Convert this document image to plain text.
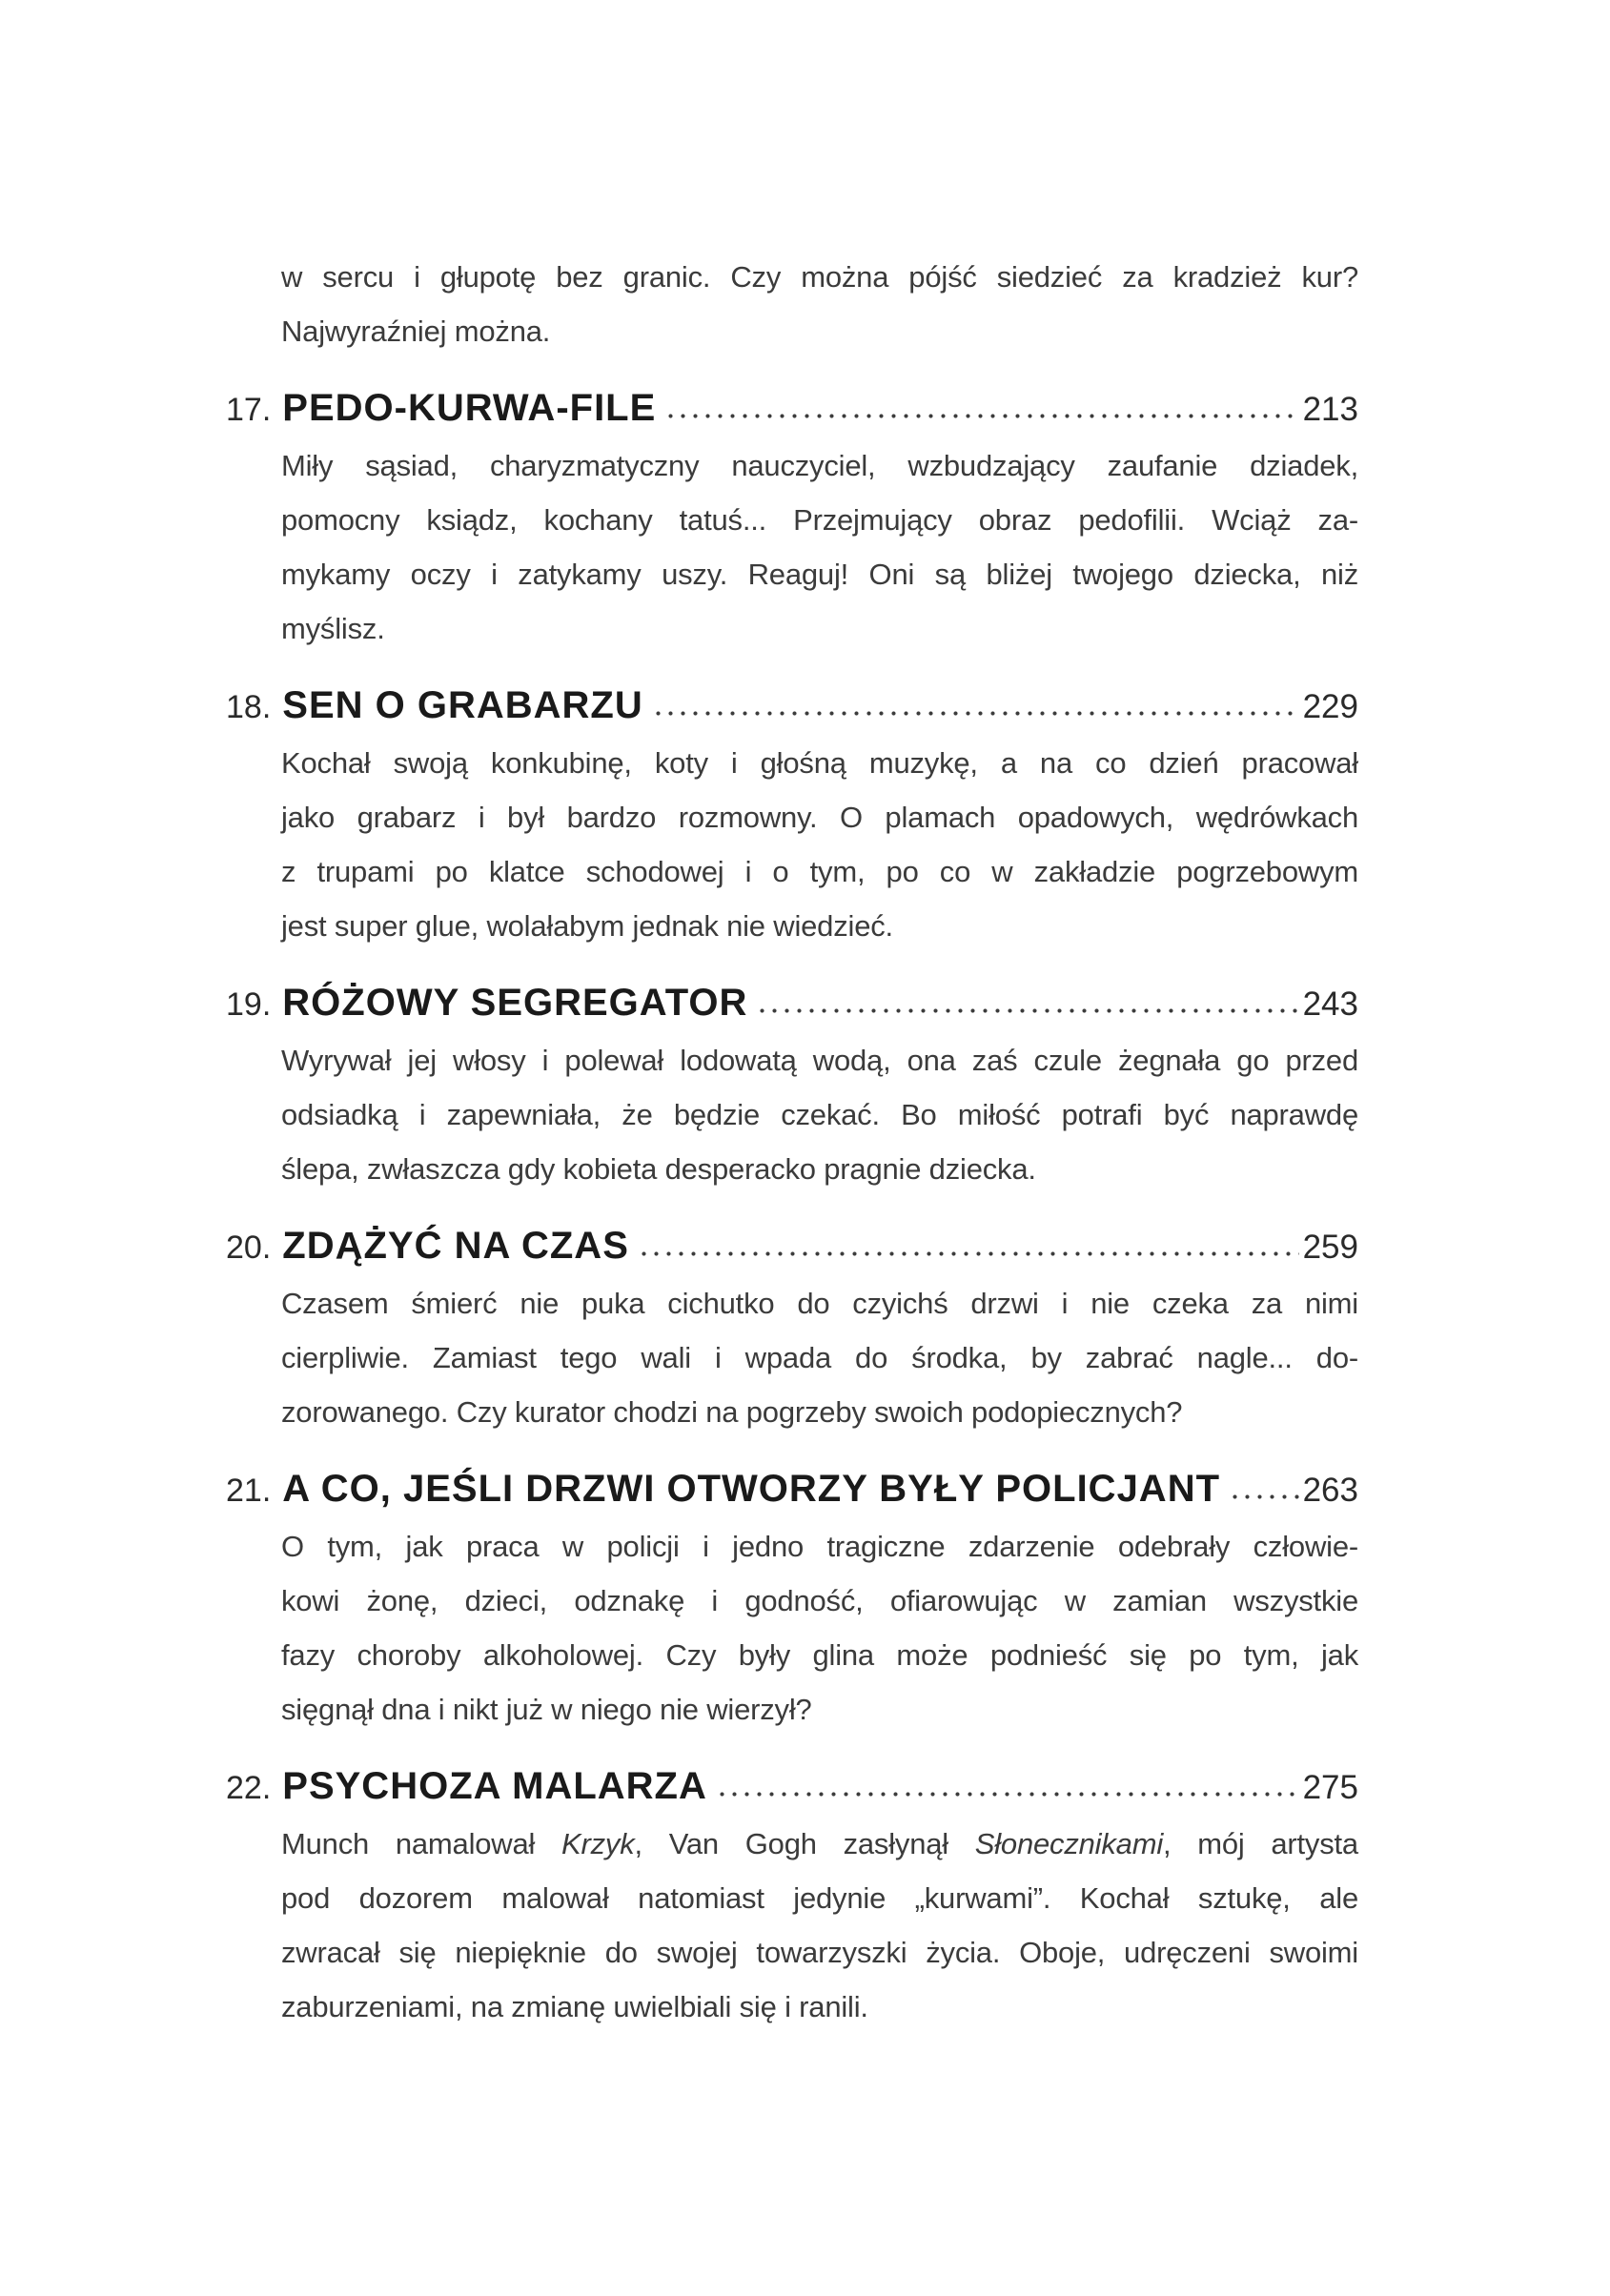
w sercu i głupotę bez granic. Czy można pójść siedzieć za kradzież kur?
Najwyraźniej można.
17. PEDO-KURWA-FILE	213
Miły sąsiad, charyzmatyczny nauczyciel, wzbudzający zaufanie dziadek,
pomocny ksiądz, kochany tatuś... Przejmujący obraz pedofilii. Wciąż za-
mykamy oczy i zatykamy uszy. Reaguj! Oni są bliżej twojego dziecka, niż
myślisz.
18. SEN O GRABARZU	229
Kochał swoją konkubinę, koty i głośną muzykę, a na co dzień pracował
jako grabarz i był bardzo rozmowny. O plamach opadowych, wędrówkach
z trupami po klatce schodowej i o tym, po co w zakładzie pogrzebowym
jest super glue, wolałabym jednak nie wiedzieć.
19. RÓŻOWY SEGREGATOR	243
Wyrywał jej włosy i polewał lodowatą wodą, ona zaś czule żegnała go przed
odsiadką i zapewniała, że będzie czekać. Bo miłość potrafi być naprawdę
ślepa, zwłaszcza gdy kobieta desperacko pragnie dziecka.
20. ZDĄŻYĆ NA CZAS	259
Czasem śmierć nie puka cichutko do czyichś drzwi i nie czeka za nimi
cierpliwie. Zamiast tego wali i wpada do środka, by zabrać nagle... do-
zorowanego. Czy kurator chodzi na pogrzeby swoich podopiecznych?
21. A CO, JEŚLI DRZWI OTWORZY BYŁY POLICJANT 263
O tym, jak praca w policji i jedno tragiczne zdarzenie odebrały człowie-
kowi żonę, dzieci, odznakę i godność, ofiarowując w zamian wszystkie
fazy choroby alkoholowej. Czy były glina może podnieść się po tym, jak
sięgnął dna i nikt już w niego nie wierzył?
22. PSYCHOZA MALARZA	275
Munch namalował Krzyk, Van Gogh zasłynął Słonecznikami, mój artysta
pod dozorem malował natomiast jedynie „kurwami”. Kochał sztukę, ale
zwracał się niepięknie do swojej towarzyszki życia. Oboje, udręczeni swoimi
zaburzeniami, na zmianę uwielbiali się i ranili.
